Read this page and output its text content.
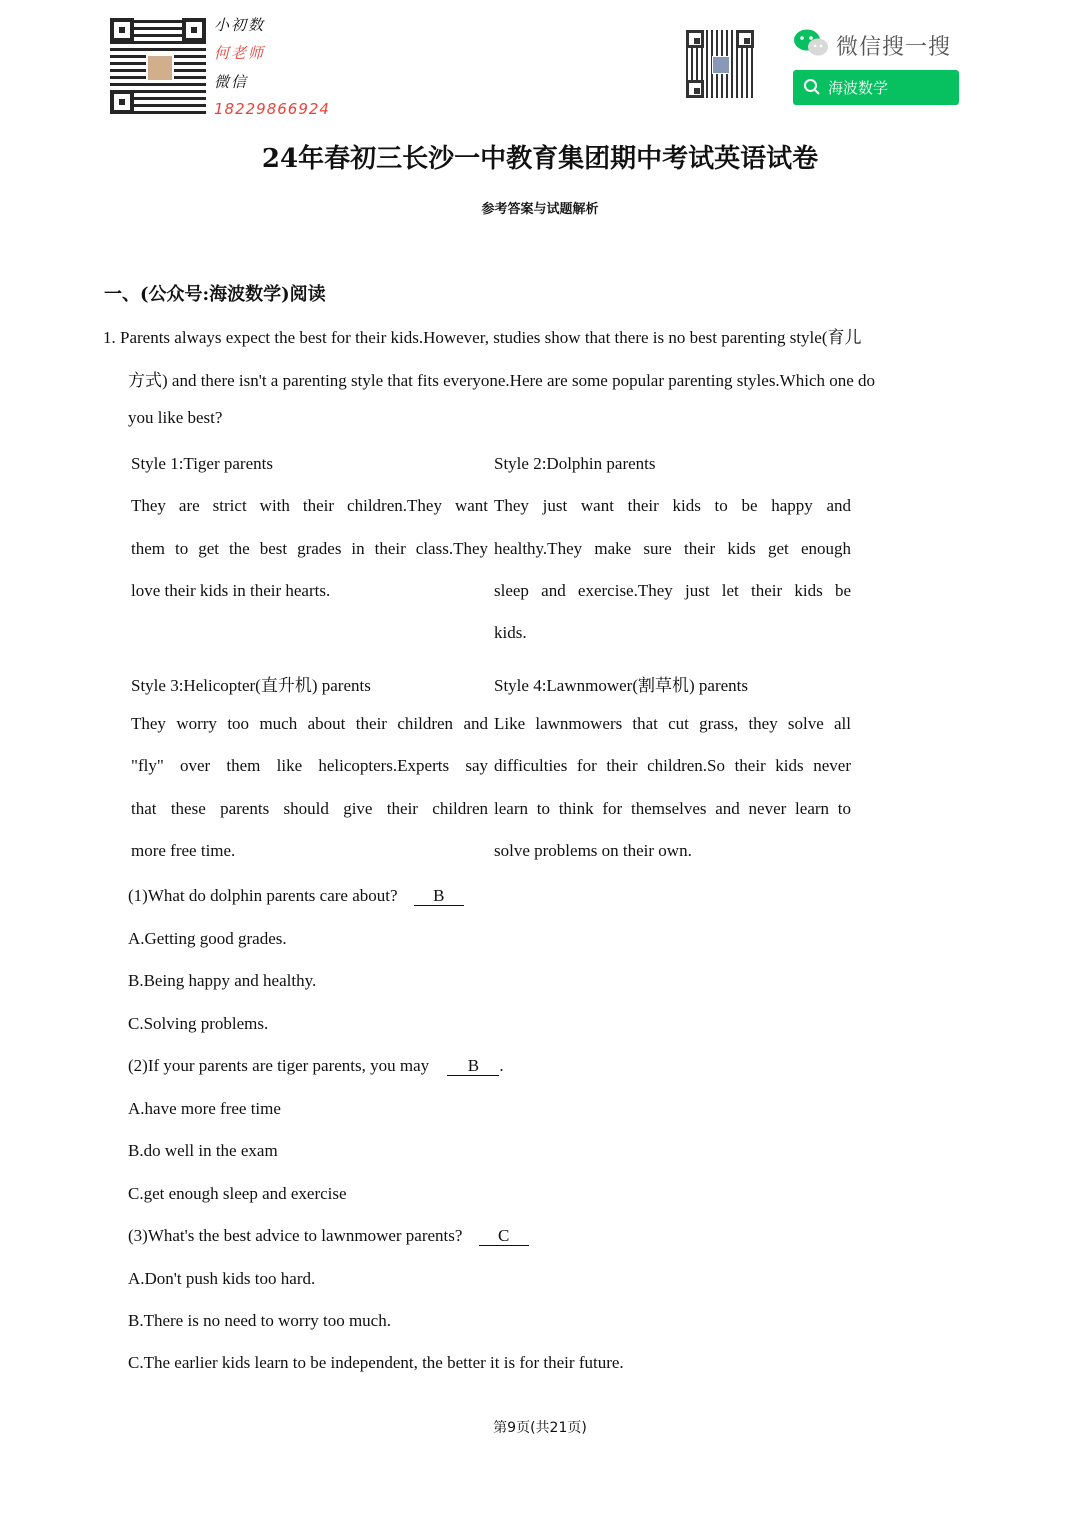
小初数
何老师
微信
18229866924
微信搜一搜
海波数学
24年春初三长沙一中教育集团期中考试英语试卷
参考答案与试题解析
一、(公众号:海波数学)阅读
1. Parents always expect the best for their kids.However, studies show that there is no best parenting style(育儿
方式) and there isn't a parenting style that fits everyone.Here are some popular parenting styles.Which one do
you like best?
Style 1:Tiger parents
They are strict with their children.They want
them to get the best grades in their class.They
love their kids in their hearts.
Style 2:Dolphin parents
They just want their kids to be happy and
healthy.They make sure their kids get enough
sleep and exercise.They just let their kids be
kids.
Style 3:Helicopter(直升机) parents
They worry too much about their children and
"fly" over them like helicopters.Experts say
that these parents should give their children
more free time.
Style 4:Lawnmower(割草机) parents
Like lawnmowers that cut grass, they solve all
difficulties for their children.So their kids never
learn to think for themselves and never learn to
solve problems on their own.
(1)What do dolphin parents care about? B
A.Getting good grades.
B.Being happy and healthy.
C.Solving problems.
(2)If your parents are tiger parents, you may B .
A.have more free time
B.do well in the exam
C.get enough sleep and exercise
(3)What's the best advice to lawnmower parents? C
A.Don't push kids too hard.
B.There is no need to worry too much.
C.The earlier kids learn to be independent, the better it is for their future.
第9页(共21页)
